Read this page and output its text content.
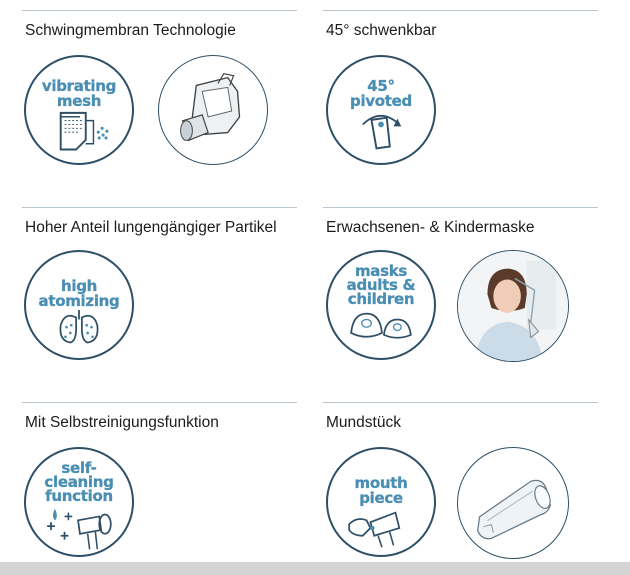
Schwingmembran Technologie
vibrating
mesh
45° schwenkbar
45°
pivoted
Hoher Anteil lungengängiger Partikel
high
atomizing
Erwachsenen- & Kindermaske
masks
adults &
children
Mit Selbstreinigungsfunktion
self-
cleaning
function
Mundstück
mouth
piece
